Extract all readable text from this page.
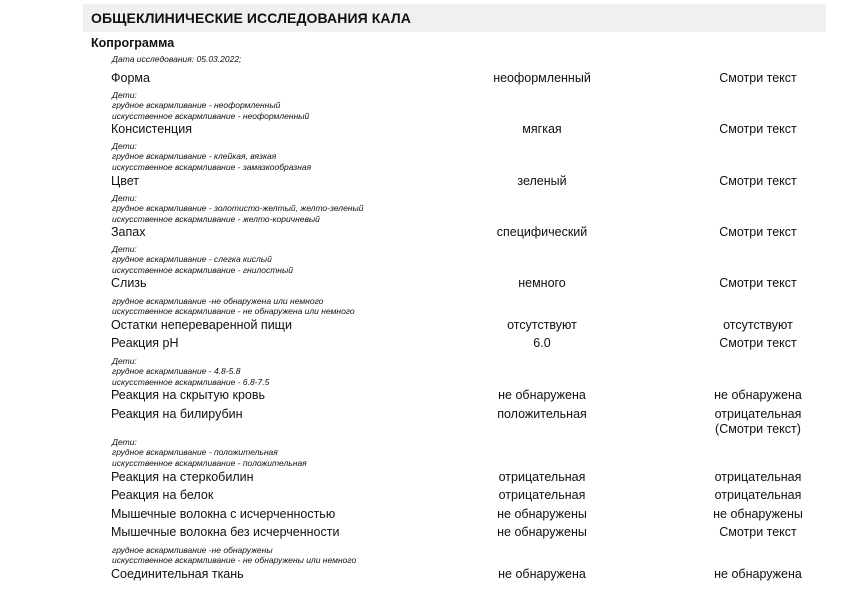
ОБЩЕКЛИНИЧЕСКИЕ ИССЛЕДОВАНИЯ КАЛА
Копрограмма
Дата исследования: 05.03.2022;
Форма	неоформленный	Смотри текст
Дети:
грудное вскармливание - неоформленный
искусственное вскармливание - неоформленный
Консистенция	мягкая	Смотри текст
Дети:
грудное вскармливание - клейкая, вязкая
искусственное вскармливание - замазкообразная
Цвет	зеленый	Смотри текст
Дети:
грудное вскармливание - золотисто-желтый, желто-зеленый
искусственное вскармливание - желто-коричневый
Запах	специфический	Смотри текст
Дети:
грудное вскармливание - слегка кислый
искусственное вскармливание - гнилостный
Слизь	немного	Смотри текст
грудное вскармливание -не обнаружена или немного
искусственное вскармливание - не обнаружена или немного
Остатки непереваренной пищи	отсутствуют	отсутствуют
Реакция pH	6.0	Смотри текст
Дети:
грудное вскармливание - 4.8-5.8
искусственное вскармливание - 6.8-7.5
Реакция на скрытую кровь	не обнаружена	не обнаружена
Реакция на билирубин	положительная	отрицательная (Смотри текст)
Дети:
грудное вскармливание - положительная
искусственное вскармливание - положительная
Реакция на стеркобилин	отрицательная	отрицательная
Реакция на белок	отрицательная	отрицательная
Мышечные волокна с исчерченностью	не обнаружены	не обнаружены
Мышечные волокна без исчерченности	не обнаружены	Смотри текст
грудное вскармливание -не обнаружены
искусственное вскармливание - не обнаружены или немного
Соединительная ткань	не обнаружена	не обнаружена
